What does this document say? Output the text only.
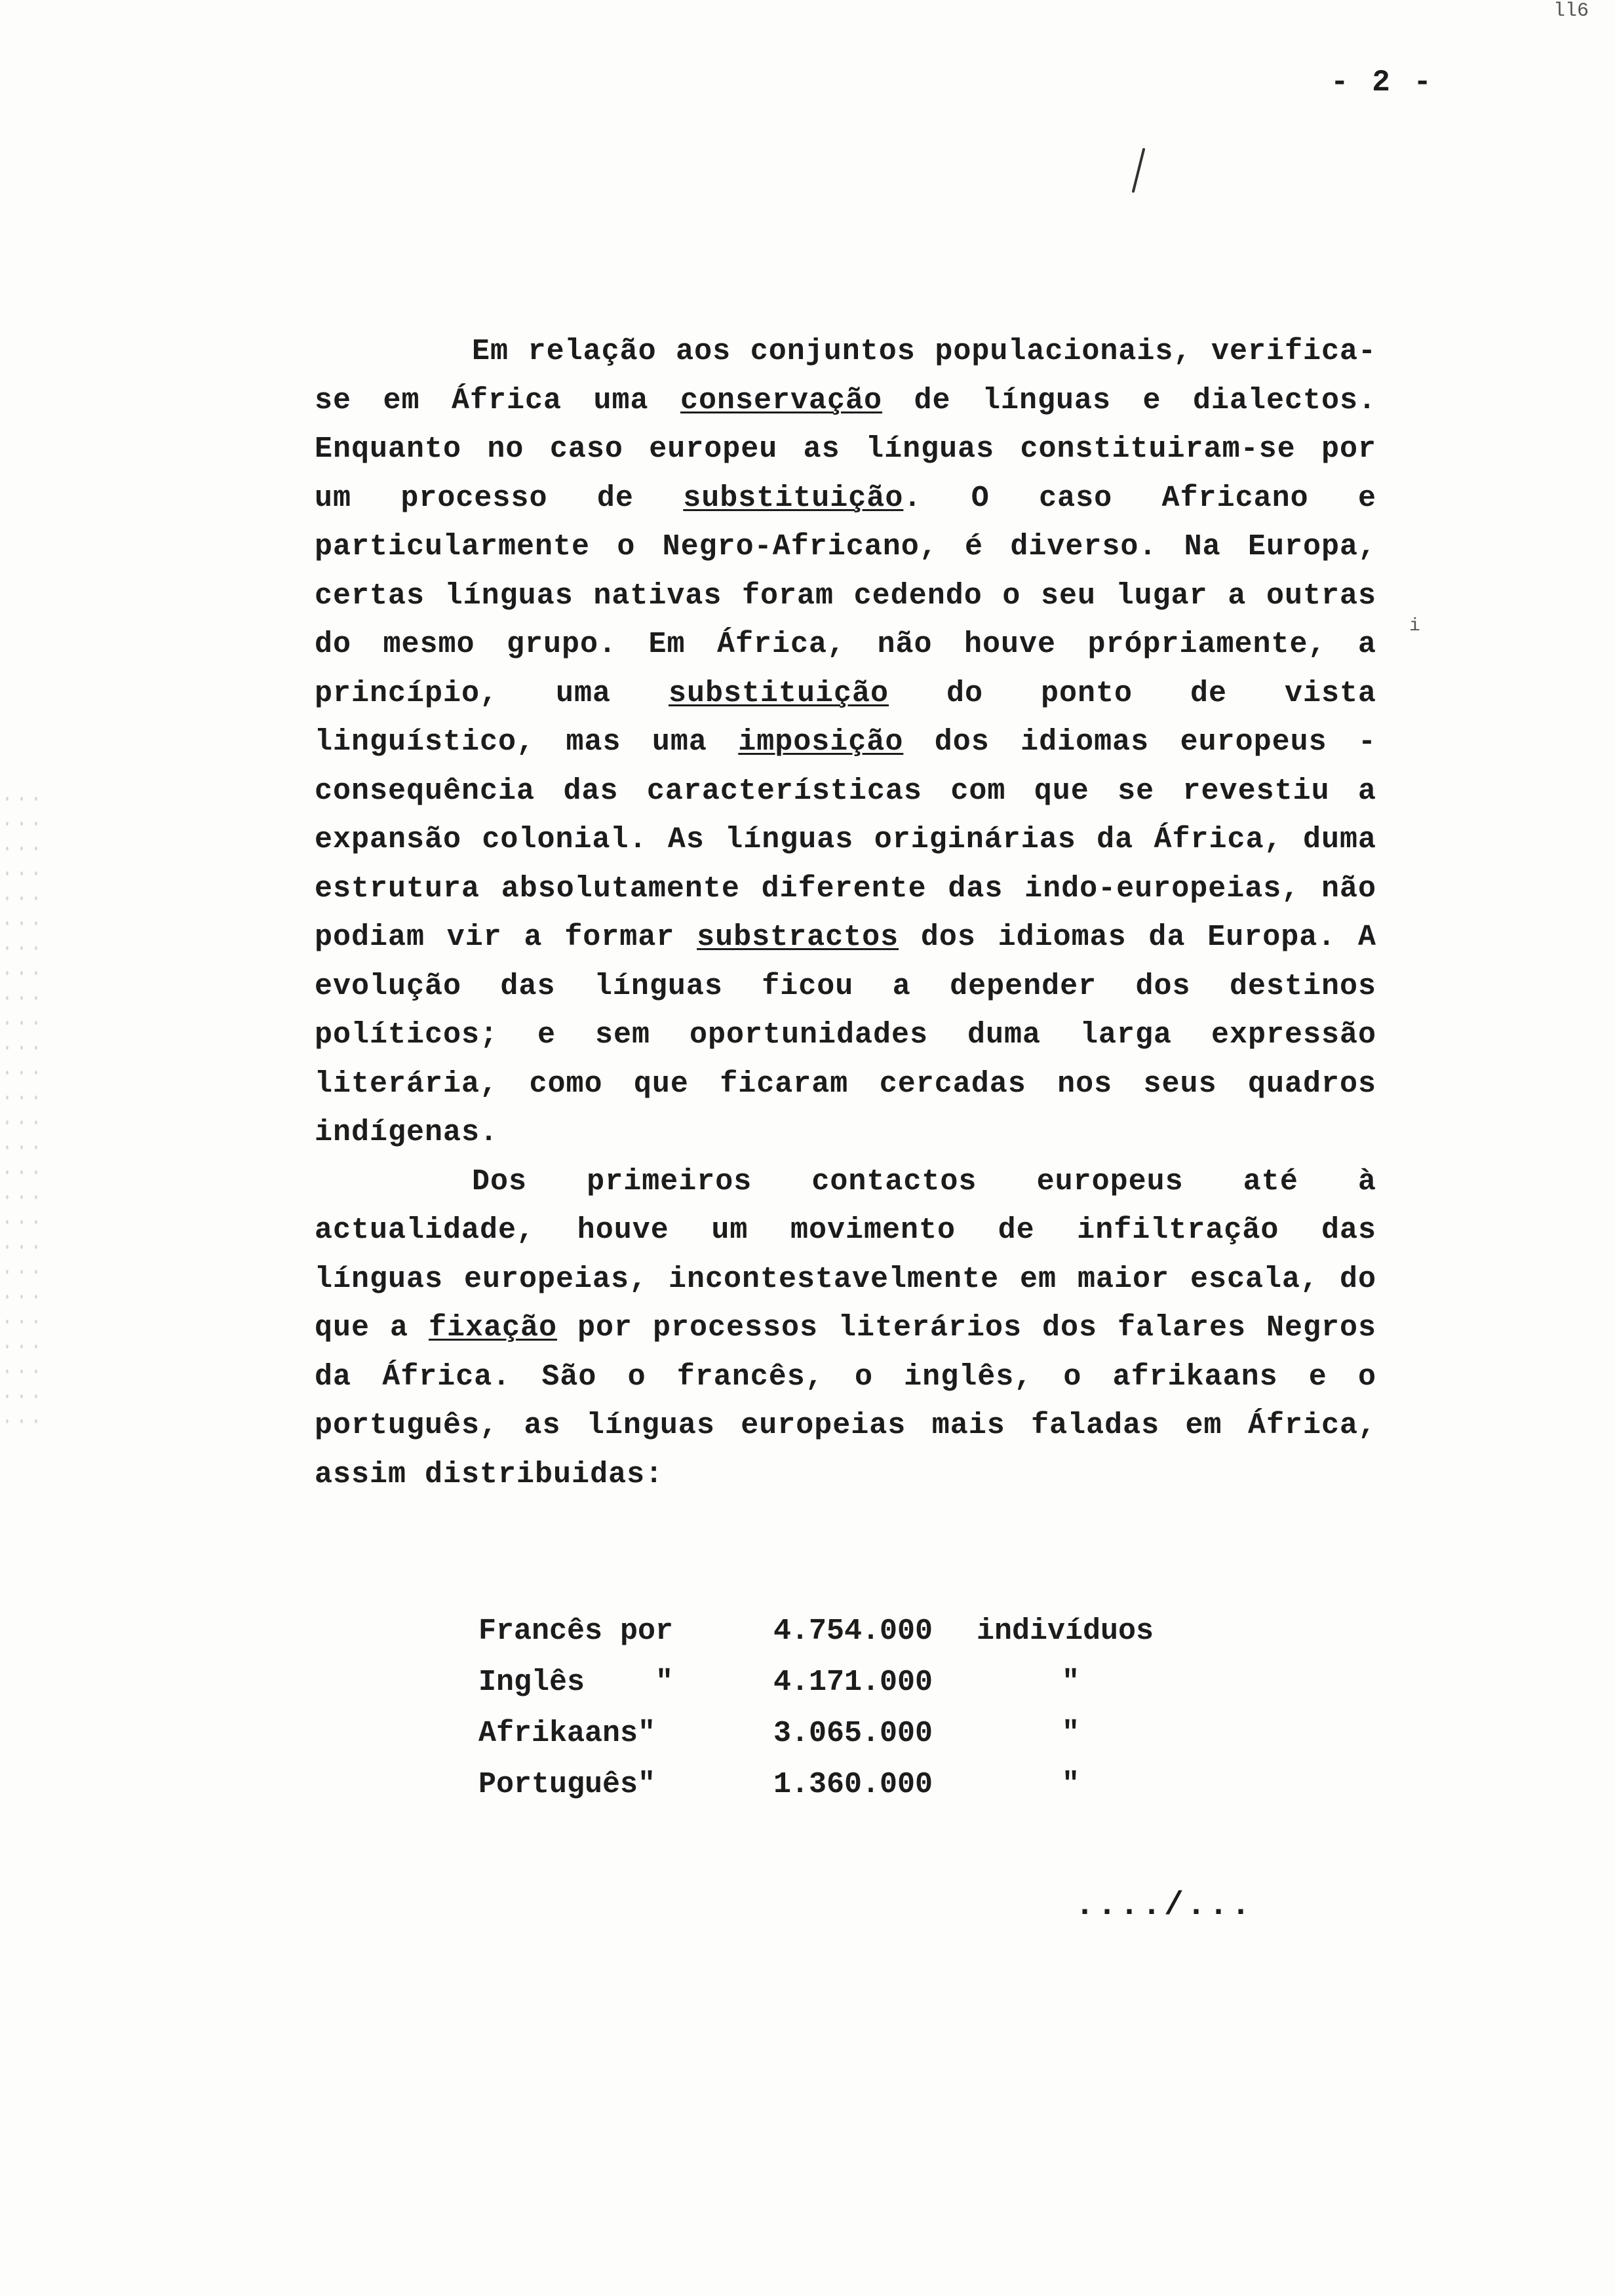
ll6
- 2 -
i

Em relação aos conjuntos populacionais, verifica-se em África uma conservação de línguas e dialectos. Enquanto no caso europeu as línguas constituiram-se por um processo de substituição. O caso Africano e particularmente o Negro-Africano, é diverso. Na Europa, certas línguas nativas foram cedendo o seu lugar a outras do mesmo grupo. Em África, não houve própriamente, a princípio, uma substituição do ponto de vista linguístico, mas uma imposição dos idiomas europeus - consequência das características com que se revestiu a expansão colonial. As línguas originárias da África, duma estrutura absolutamente diferente das indo-europeias, não podiam vir a formar substractos dos idiomas da Europa. A evolução das línguas ficou a depender dos destinos políticos; e sem oportunidades duma larga expressão literária, como que ficaram cercadas nos seus quadros indígenas.

Dos primeiros contactos europeus até à actualidade, houve um movimento de infiltração das línguas europeias, incontestavelmente em maior escala, do que a fixação por processos literários dos falares Negros da África. São o francês, o inglês, o afrikaans e o português, as línguas europeias mais faladas em África, assim distribuidas:

Francês por	4.754.000	indivíduos
Inglês    "	4.171.000	"
Afrikaans"	3.065.000	"
Português"	1.360.000	"
..../...
